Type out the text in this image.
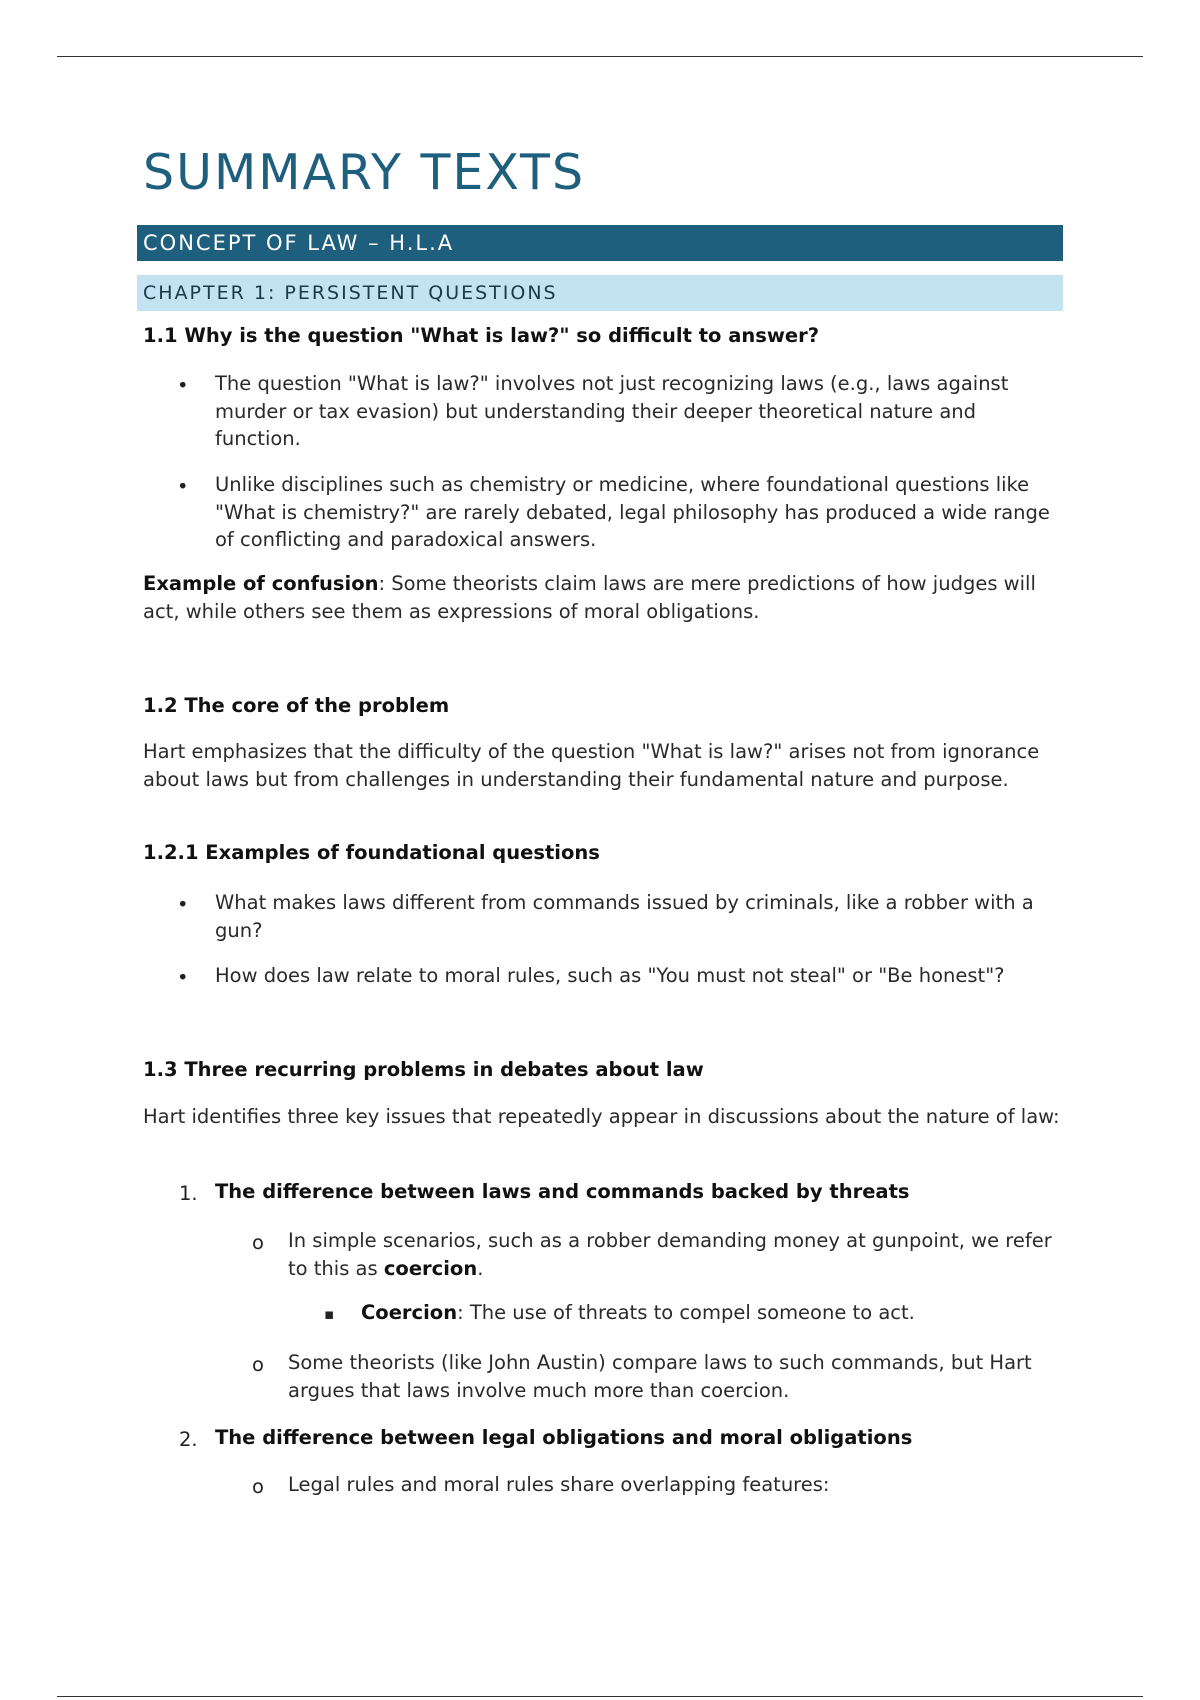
SUMMARY TEXTS
CONCEPT OF LAW – H.L.A
CHAPTER 1: PERSISTENT QUESTIONS
1.1 Why is the question "What is law?" so difficult to answer?
• The question "What is law?" involves not just recognizing laws (e.g., laws against murder or tax evasion) but understanding their deeper theoretical nature and function.
• Unlike disciplines such as chemistry or medicine, where foundational questions like "What is chemistry?" are rarely debated, legal philosophy has produced a wide range of conflicting and paradoxical answers.

Example of confusion: Some theorists claim laws are mere predictions of how judges will act, while others see them as expressions of moral obligations.

1.2 The core of the problem

Hart emphasizes that the difficulty of the question "What is law?" arises not from ignorance about laws but from challenges in understanding their fundamental nature and purpose.

1.2.1 Examples of foundational questions
• What makes laws different from commands issued by criminals, like a robber with a gun?
• How does law relate to moral rules, such as "You must not steal" or "Be honest"?
1.3 Three recurring problems in debates about law

Hart identifies three key issues that repeatedly appear in discussions about the nature of law:

1. The difference between laws and commands backed by threats
o In simple scenarios, such as a robber demanding money at gunpoint, we refer to this as coercion.
▪ Coercion: The use of threats to compel someone to act.
o Some theorists (like John Austin) compare laws to such commands, but Hart argues that laws involve much more than coercion.
2. The difference between legal obligations and moral obligations
o Legal rules and moral rules share overlapping features:
